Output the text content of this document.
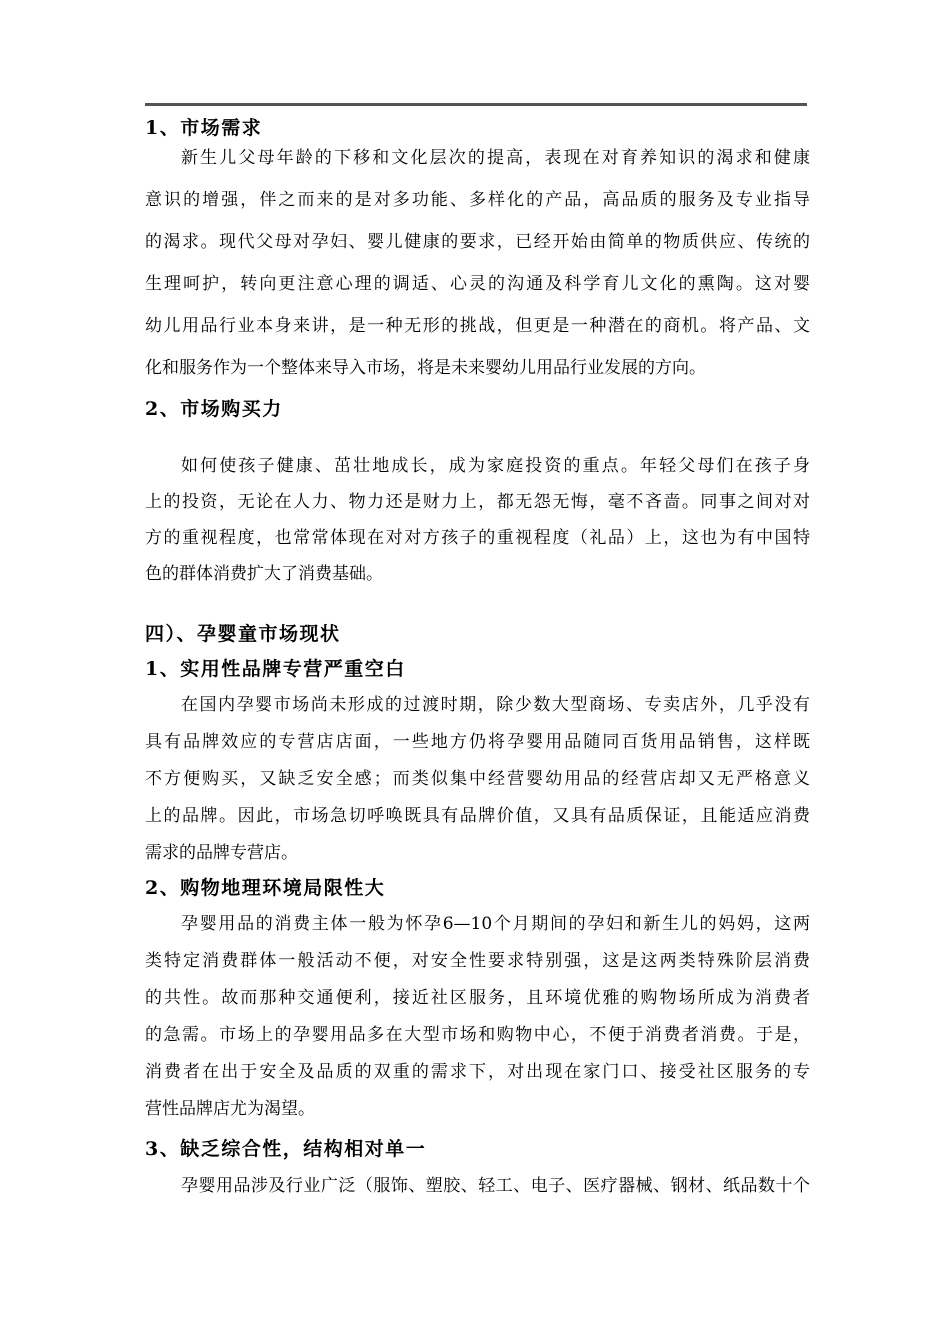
1、市场需求
新生儿父母年龄的下移和文化层次的提高，表现在对育养知识的渴求和健康
意识的增强，伴之而来的是对多功能、多样化的产品，高品质的服务及专业指导
的渴求。现代父母对孕妇、婴儿健康的要求，已经开始由简单的物质供应、传统的
生理呵护，转向更注意心理的调适、心灵的沟通及科学育儿文化的熏陶。这对婴
幼儿用品行业本身来讲，是一种无形的挑战，但更是一种潜在的商机。将产品、文
化和服务作为一个整体来导入市场，将是未来婴幼儿用品行业发展的方向。
2、市场购买力
如何使孩子健康、茁壮地成长，成为家庭投资的重点。年轻父母们在孩子身
上的投资，无论在人力、物力还是财力上，都无怨无悔，毫不吝啬。同事之间对对
方的重视程度，也常常体现在对对方孩子的重视程度（礼品）上，这也为有中国特
色的群体消费扩大了消费基础。
四）、孕婴童市场现状
1、实用性品牌专营严重空白
在国内孕婴市场尚未形成的过渡时期，除少数大型商场、专卖店外，几乎没有
具有品牌效应的专营店店面，一些地方仍将孕婴用品随同百货用品销售，这样既
不方便购买，又缺乏安全感；而类似集中经营婴幼用品的经营店却又无严格意义
上的品牌。因此，市场急切呼唤既具有品牌价值，又具有品质保证，且能适应消费
需求的品牌专营店。
2、购物地理环境局限性大
孕婴用品的消费主体一般为怀孕6—10个月期间的孕妇和新生儿的妈妈，这两
类特定消费群体一般活动不便，对安全性要求特别强，这是这两类特殊阶层消费
的共性。故而那种交通便利，接近社区服务，且环境优雅的购物场所成为消费者
的急需。市场上的孕婴用品多在大型市场和购物中心，不便于消费者消费。于是，
消费者在出于安全及品质的双重的需求下，对出现在家门口、接受社区服务的专
营性品牌店尤为渴望。
3、缺乏综合性，结构相对单一
孕婴用品涉及行业广泛（服饰、塑胶、轻工、电子、医疗器械、钢材、纸品数十个
